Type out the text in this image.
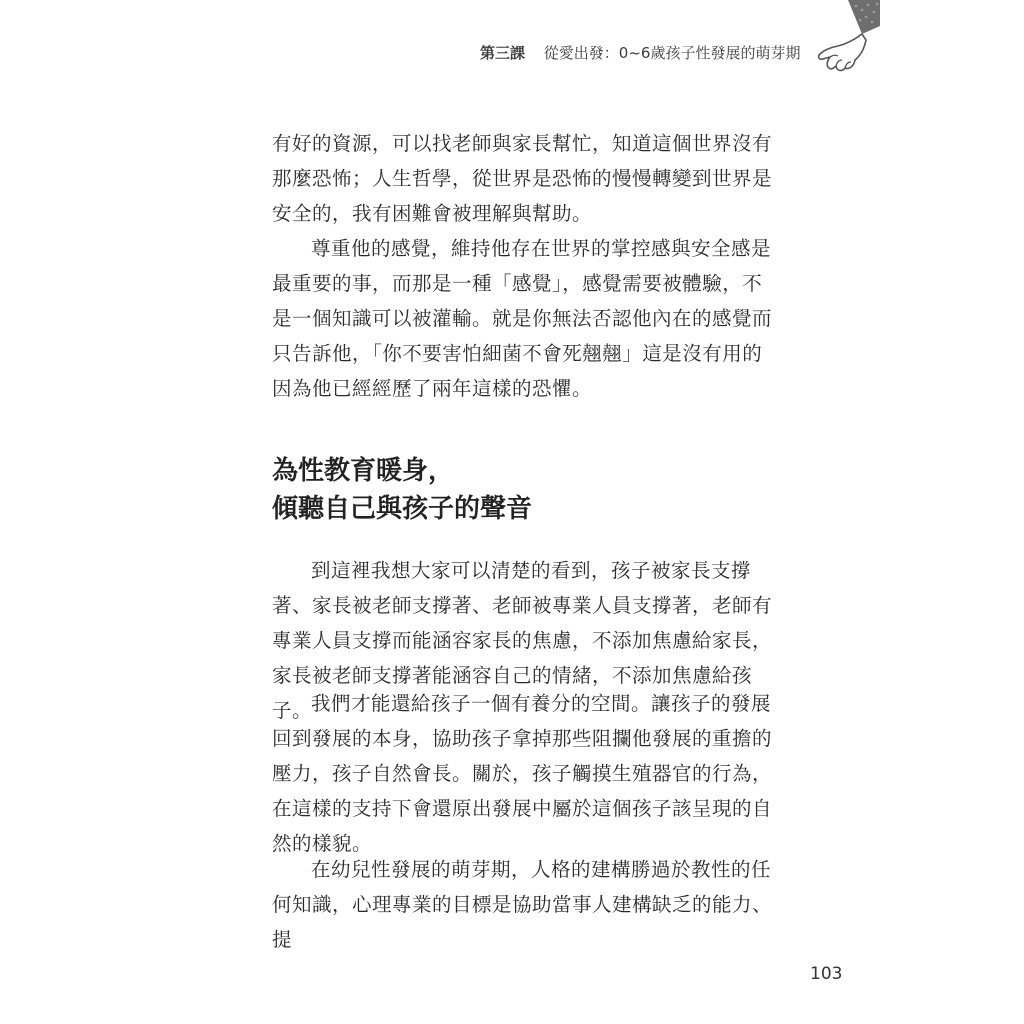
第三課 從愛出發：0~6歲孩子性發展的萌芽期
有好的資源，可以找老師與家長幫忙，知道這個世界沒有那麼恐怖；人生哲學，從世界是恐怖的慢慢轉變到世界是安全的，我有困難會被理解與幫助。
尊重他的感覺，維持他存在世界的掌控感與安全感是最重要的事，而那是一種「感覺」，感覺需要被體驗，不是一個知識可以被灌輸。就是你無法否認他內在的感覺而只告訴他，「你不要害怕細菌不會死翹翹」這是沒有用的因為他已經經歷了兩年這樣的恐懼。
為性教育暖身，
傾聽自己與孩子的聲音
到這裡我想大家可以清楚的看到，孩子被家長支撐著、家長被老師支撐著、老師被專業人員支撐著，老師有專業人員支撐而能涵容家長的焦慮，不添加焦慮給家長，家長被老師支撐著能涵容自己的情緒，不添加焦慮給孩子。
我們才能還給孩子一個有養分的空間。讓孩子的發展回到發展的本身，協助孩子拿掉那些阻攔他發展的重擔的壓力，孩子自然會長。關於，孩子觸摸生殖器官的行為，在這樣的支持下會還原出發展中屬於這個孩子該呈現的自然的樣貌。
在幼兒性發展的萌芽期，人格的建構勝過於教性的任何知識，心理專業的目標是協助當事人建構缺乏的能力、提
103
